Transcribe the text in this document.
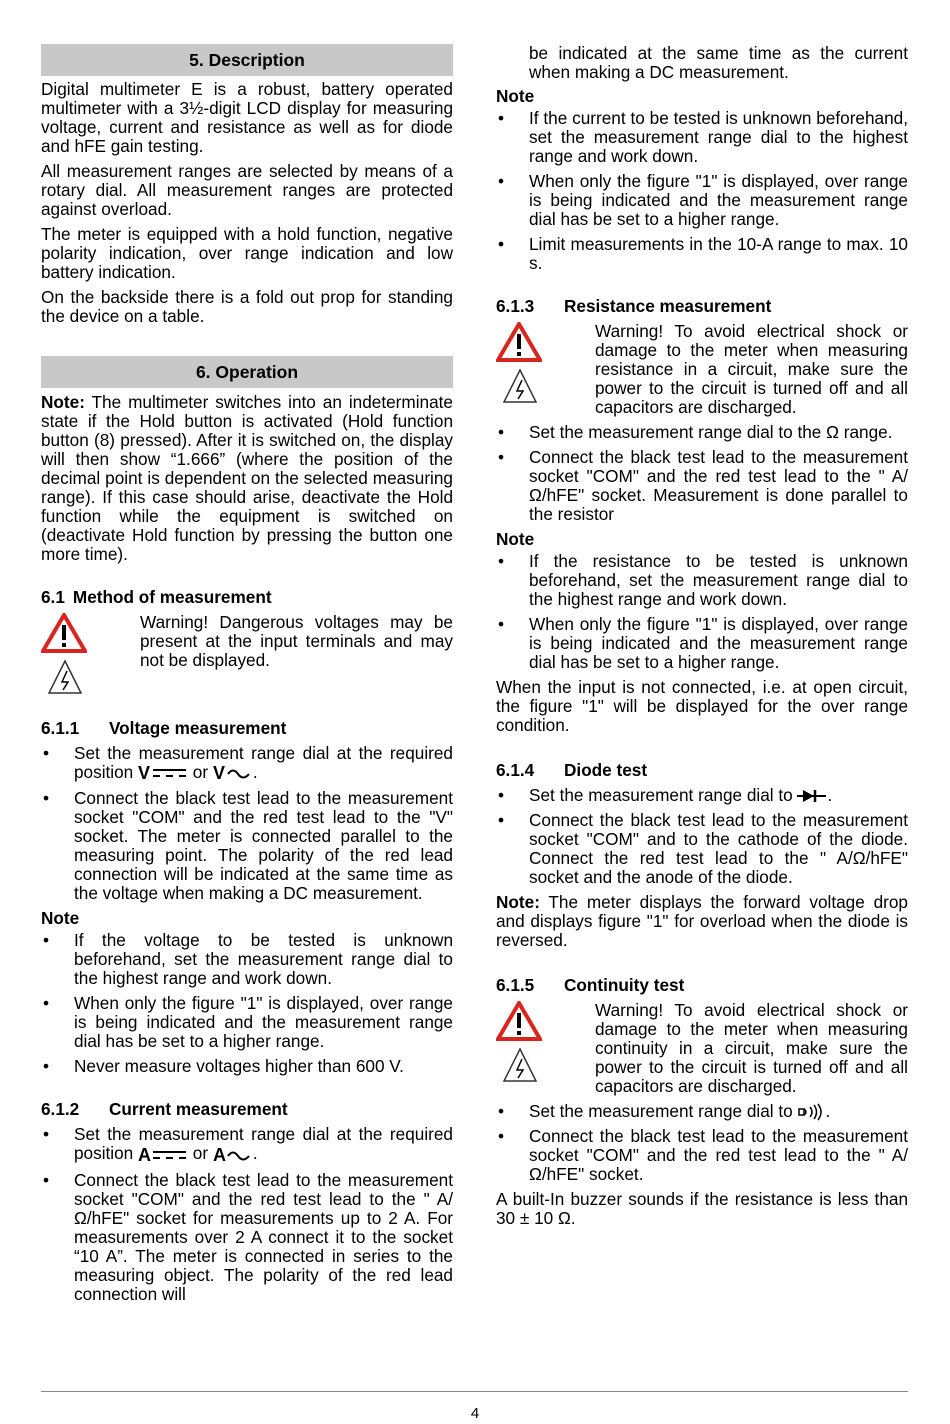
5. Description

Digital multimeter E is a robust, battery operated multimeter with a 3½-digit LCD display for measuring voltage, current and resistance as well as for diode and hFE gain testing.

All measurement ranges are selected by means of a rotary dial. All measurement ranges are protected against overload.

The meter is equipped with a hold function, negative polarity indication, over range indication and low battery indication.

On the backside there is a fold out prop for standing the device on a table.

6. Operation

Note: The multimeter switches into an indeterminate state if the Hold button is activated (Hold function button (8) pressed). After it is switched on, the display will then show “1.666” (where the position of the decimal point is dependent on the selected measuring range). If this case should arise, deactivate the Hold function while the equipment is switched on (deactivate Hold function by pressing the button one more time).

6.1 Method of measurement
Warning! Dangerous voltages may be present at the input terminals and may not be displayed.
6.1.1 Voltage measurement
• Set the measurement range dial at the required position V or V .
• Connect the black test lead to the measurement socket "COM" and the red test lead to the "V" socket. The meter is connected parallel to the measuring point. The polarity of the red lead connection will be indicated at the same time as the voltage when making a DC measurement.
Note
• If the voltage to be tested is unknown beforehand, set the measurement range dial to the highest range and work down.
• When only the figure "1" is displayed, over range is being indicated and the measurement range dial has be set to a higher range.
• Never measure voltages higher than 600 V.
6.1.2 Current measurement
• Set the measurement range dial at the required position A or A .
• Connect the black test lead to the measurement socket "COM" and the red test lead to the " A/Ω/hFE" socket for measurements up to 2 A. For measurements over 2 A connect it to the socket “10 A”. The meter is connected in series to the measuring object. The polarity of the red lead connection will

be indicated at the same time as the current when making a DC measurement.

Note
• If the current to be tested is unknown beforehand, set the measurement range dial to the highest range and work down.
• When only the figure "1" is displayed, over range is being indicated and the measurement range dial has be set to a higher range.
• Limit measurements in the 10-A range to max. 10 s.
6.1.3 Resistance measurement
Warning! To avoid electrical shock or damage to the meter when measuring resistance in a circuit, make sure the power to the circuit is turned off and all capacitors are discharged.
• Set the measurement range dial to the Ω range.
• Connect the black test lead to the measurement socket "COM" and the red test lead to the " A/Ω/hFE" socket. Measurement is done parallel to the resistor
Note
• If the resistance to be tested is unknown beforehand, set the measurement range dial to the highest range and work down.
• When only the figure "1" is displayed, over range is being indicated and the measurement range dial has be set to a higher range.

When the input is not connected, i.e. at open circuit, the figure "1" will be displayed for the over range condition.

6.1.4 Diode test
• Set the measurement range dial to .
• Connect the black test lead to the measurement socket "COM" and to the cathode of the diode. Connect the red test lead to the " A/Ω/hFE" socket and the anode of the diode.

Note: The meter displays the forward voltage drop and displays figure "1" for overload when the diode is reversed.

6.1.5 Continuity test
Warning! To avoid electrical shock or damage to the meter when measuring continuity in a circuit, make sure the power to the circuit is turned off and all capacitors are discharged.
• Set the measurement range dial to .
• Connect the black test lead to the measurement socket "COM" and the red test lead to the " A/Ω/hFE" socket.

A built-In buzzer sounds if the resistance is less than 30 ± 10 Ω.

4
